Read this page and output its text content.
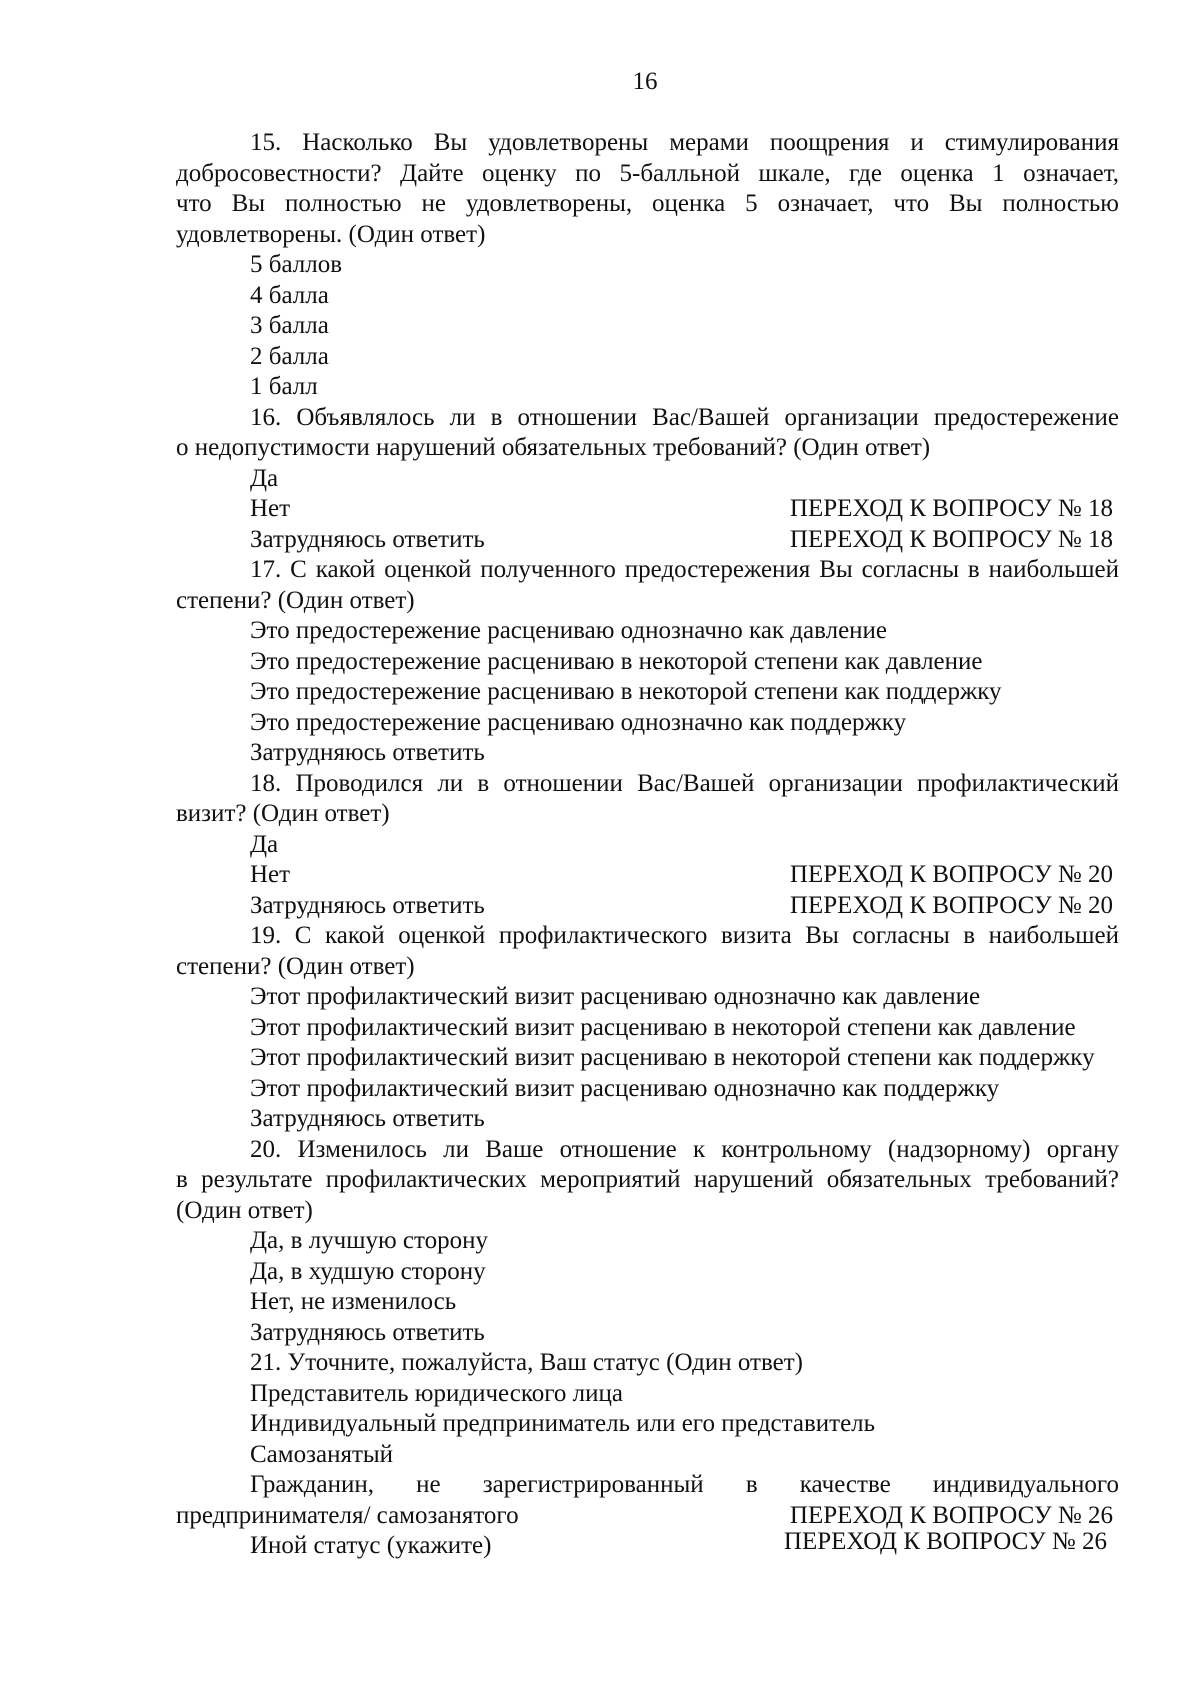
16
15. Насколько Вы удовлетворены мерами поощрения и стимулирования
добросовестности? Дайте оценку по 5-балльной шкале, где оценка 1 означает,
что Вы полностью не удовлетворены, оценка 5 означает, что Вы полностью
удовлетворены. (Один ответ)
5 баллов
4 балла
3 балла
2 балла
1 балл
16. Объявлялось ли в отношении Вас/Вашей организации предостережение
о недопустимости нарушений обязательных требований? (Один ответ)
Да
Нет	ПЕРЕХОД К ВОПРОСУ № 18
Затрудняюсь ответить	ПЕРЕХОД К ВОПРОСУ № 18
17. С какой оценкой полученного предостережения Вы согласны в наибольшей
степени? (Один ответ)
Это предостережение расцениваю однозначно как давление
Это предостережение расцениваю в некоторой степени как давление
Это предостережение расцениваю в некоторой степени как поддержку
Это предостережение расцениваю однозначно как поддержку
Затрудняюсь ответить
18. Проводился ли в отношении Вас/Вашей организации профилактический
визит? (Один ответ)
Да
Нет	ПЕРЕХОД К ВОПРОСУ № 20
Затрудняюсь ответить	ПЕРЕХОД К ВОПРОСУ № 20
19. С какой оценкой профилактического визита Вы согласны в наибольшей
степени? (Один ответ)
Этот профилактический визит расцениваю однозначно как давление
Этот профилактический визит расцениваю в некоторой степени как давление
Этот профилактический визит расцениваю в некоторой степени как поддержку
Этот профилактический визит расцениваю однозначно как поддержку
Затрудняюсь ответить
20. Изменилось ли Ваше отношение к контрольному (надзорному) органу
в результате профилактических мероприятий нарушений обязательных требований?
(Один ответ)
Да, в лучшую сторону
Да, в худшую сторону
Нет, не изменилось
Затрудняюсь ответить
21. Уточните, пожалуйста, Ваш статус (Один ответ)
Представитель юридического лица
Индивидуальный предприниматель или его представитель
Самозанятый
Гражданин, не зарегистрированный в качестве индивидуального
предпринимателя/ самозанятого	ПЕРЕХОД К ВОПРОСУ № 26
Иной статус (укажите)	ПЕРЕХОД К ВОПРОСУ № 26
